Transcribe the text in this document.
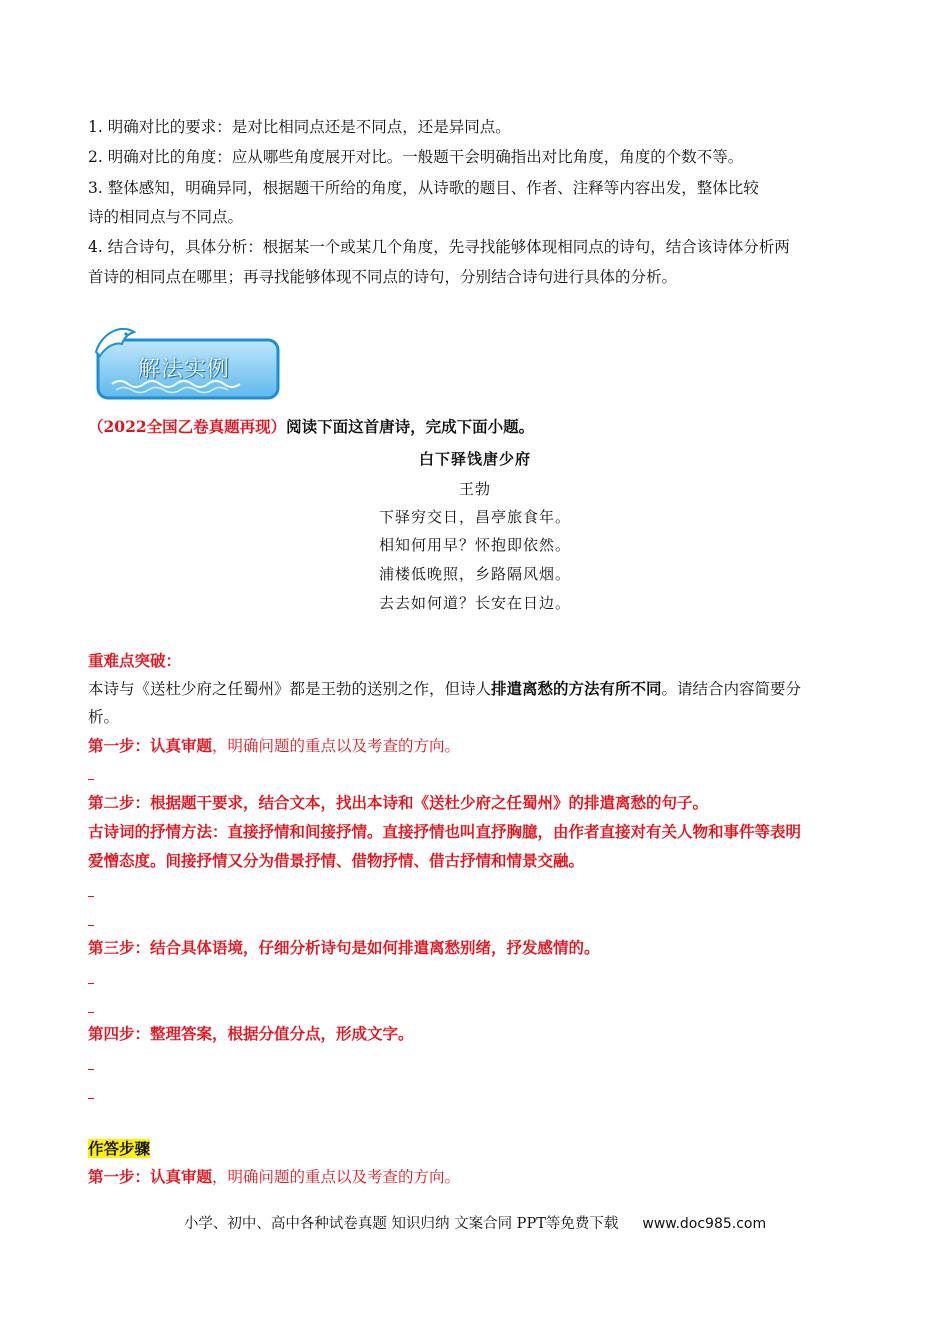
1. 明确对比的要求：是对比相同点还是不同点，还是异同点。
2. 明确对比的角度：应从哪些角度展开对比。一般题干会明确指出对比角度，角度的个数不等。
3. 整体感知，明确异同，根据题干所给的角度，从诗歌的题目、作者、注释等内容出发，整体比较
诗的相同点与不同点。
4. 结合诗句，具体分析：根据某一个或某几个角度，先寻找能够体现相同点的诗句，结合该诗体分析两
首诗的相同点在哪里；再寻找能够体现不同点的诗句，分别结合诗句进行具体的分析。
解法实例
（2022全国乙卷真题再现）阅读下面这首唐诗，完成下面小题。
白下驿饯唐少府
王勃
下驿穷交日，昌亭旅食年。
相知何用早？怀抱即依然。
浦楼低晚照，乡路隔风烟。
去去如何道？长安在日边。
重难点突破：
本诗与《送杜少府之任蜀州》都是王勃的送别之作，但诗人排遣离愁的方法有所不同。请结合内容简要分
析。
第一步：认真审题，明确问题的重点以及考查的方向。
第二步：根据题干要求，结合文本，找出本诗和《送杜少府之任蜀州》的排遣离愁的句子。
古诗词的抒情方法：直接抒情和间接抒情。直接抒情也叫直抒胸臆，由作者直接对有关人物和事件等表明
爱憎态度。间接抒情又分为借景抒情、借物抒情、借古抒情和情景交融。
第三步：结合具体语境，仔细分析诗句是如何排遣离愁别绪，抒发感情的。
第四步：整理答案，根据分值分点，形成文字。
作答步骤
第一步：认真审题，明确问题的重点以及考查的方向。
小学、初中、高中各种试卷真题 知识归纳 文案合同 PPT等免费下载 www.doc985.com
